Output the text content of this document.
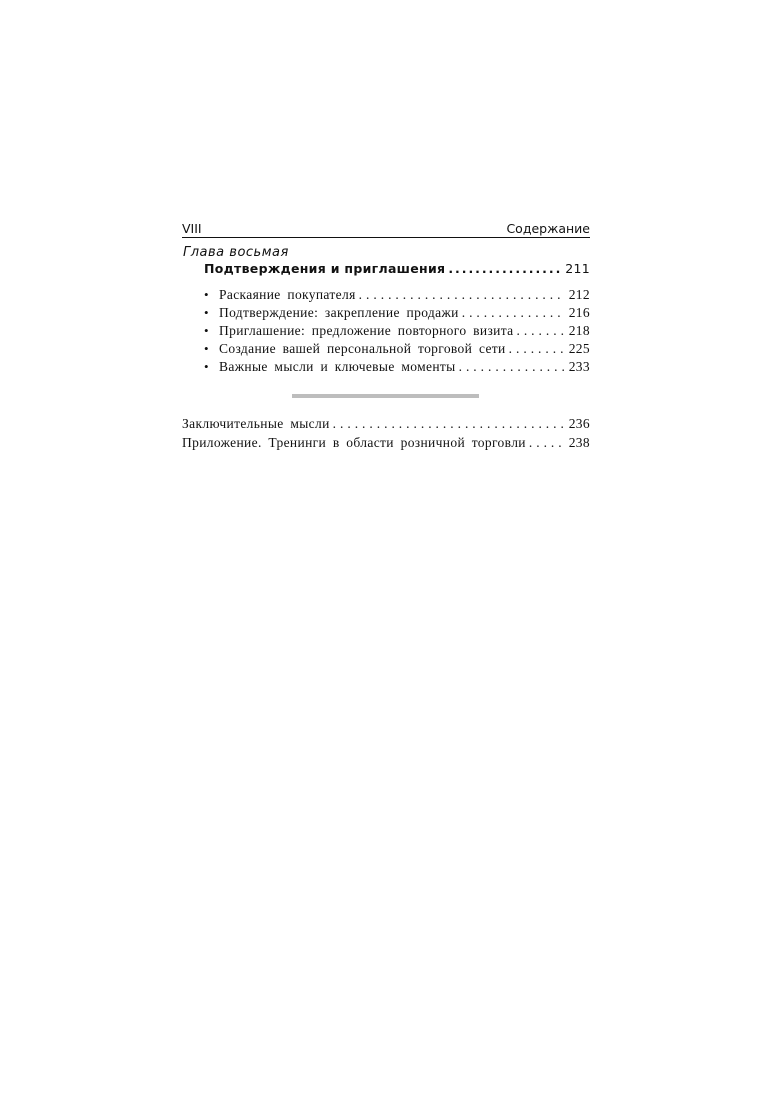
VIII	Содержание
Глава восьмая
Подтверждения и приглашения . . .	211
• Раскаяние покупателя . . .	212
• Подтверждение: закрепление продажи . . .	216
• Приглашение: предложение повторного визита . . .	218
• Создание вашей персональной торговой сети . . .	225
• Важные мысли и ключевые моменты . . .	233
Заключительные мысли . . .	236
Приложение. Тренинги в области розничной торговли . . .	238
